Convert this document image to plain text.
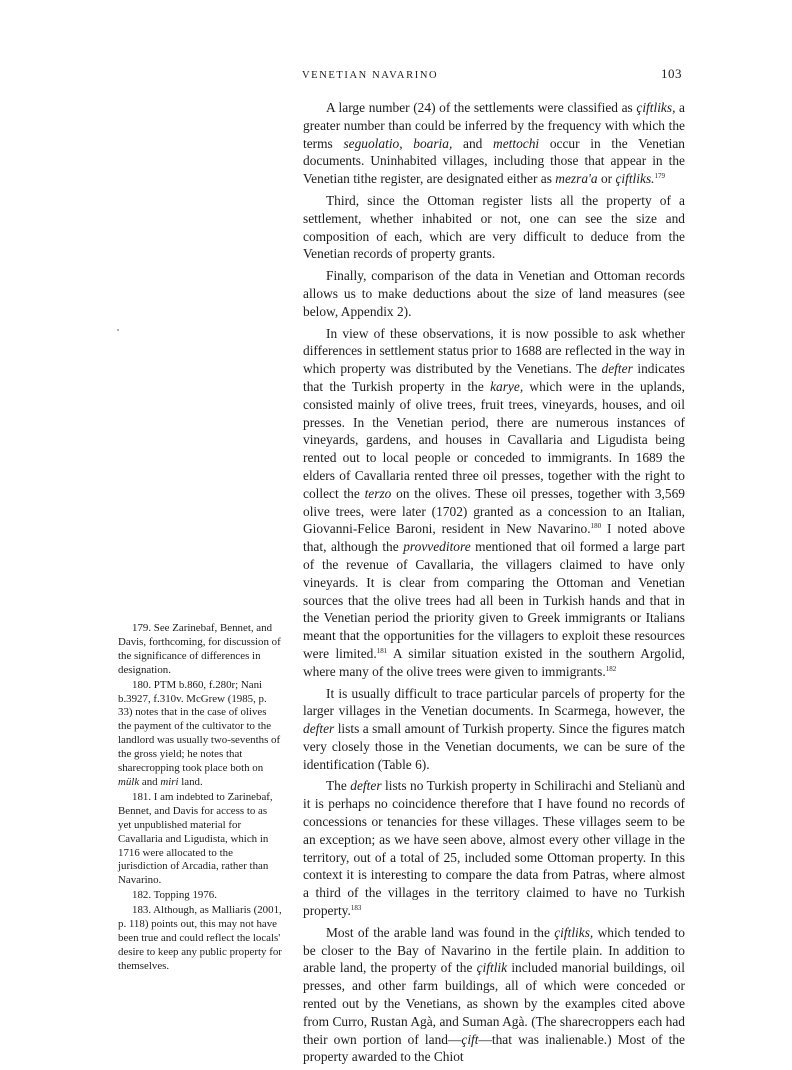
VENETIAN NAVARINO	103

A large number (24) of the settlements were classified as çiftliks, a greater number than could be inferred by the frequency with which the terms seguolatio, boaria, and mettochi occur in the Venetian documents. Uninhabited villages, including those that appear in the Venetian tithe register, are designated either as mezra'a or çiftliks.$^{179}$

Third, since the Ottoman register lists all the property of a settlement, whether inhabited or not, one can see the size and composition of each, which are very difficult to deduce from the Venetian records of property grants.

Finally, comparison of the data in Venetian and Ottoman records allows us to make deductions about the size of land measures (see below, Appendix 2).

In view of these observations, it is now possible to ask whether differences in settlement status prior to 1688 are reflected in the way in which property was distributed by the Venetians. The defter indicates that the Turkish property in the karye, which were in the uplands, consisted mainly of olive trees, fruit trees, vineyards, houses, and oil presses. In the Venetian period, there are numerous instances of vineyards, gardens, and houses in Cavallaria and Ligudista being rented out to local people or conceded to immigrants. In 1689 the elders of Cavallaria rented three oil presses, together with the right to collect the terzo on the olives. These oil presses, together with 3,569 olive trees, were later (1702) granted as a concession to an Italian, Giovanni-Felice Baroni, resident in New Navarino.$^{180}$ I noted above that, although the provveditore mentioned that oil formed a large part of the revenue of Cavallaria, the villagers claimed to have only vineyards. It is clear from comparing the Ottoman and Venetian sources that the olive trees had all been in Turkish hands and that in the Venetian period the priority given to Greek immigrants or Italians meant that the opportunities for the villagers to exploit these resources were limited.$^{181}$ A similar situation existed in the southern Argolid, where many of the olive trees were given to immigrants.$^{182}$

It is usually difficult to trace particular parcels of property for the larger villages in the Venetian documents. In Scarmega, however, the defter lists a small amount of Turkish property. Since the figures match very closely those in the Venetian documents, we can be sure of the identification (Table 6).

The defter lists no Turkish property in Schilirachi and Stelianù and it is perhaps no coincidence therefore that I have found no records of concessions or tenancies for these villages. These villages seem to be an exception; as we have seen above, almost every other village in the territory, out of a total of 25, included some Ottoman property. In this context it is interesting to compare the data from Patras, where almost a third of the villages in the territory claimed to have no Turkish property.$^{183}$

Most of the arable land was found in the çiftliks, which tended to be closer to the Bay of Navarino in the fertile plain. In addition to arable land, the property of the çiftlik included manorial buildings, oil presses, and other farm buildings, all of which were conceded or rented out by the Venetians, as shown by the examples cited above from Curro, Rustan Agà, and Suman Agà. (The sharecroppers each had their own portion of land—çift—that was inalienable.) Most of the property awarded to the Chiot

179. See Zarinebaf, Bennet, and Davis, forthcoming, for discussion of the significance of differences in designation.
180. PTM b.860, f.280r; Nani b.3927, f.310v. McGrew (1985, p. 33) notes that in the case of olives the payment of the cultivator to the landlord was usually two-sevenths of the gross yield; he notes that sharecropping took place both on mülk and miri land.
181. I am indebted to Zarinebaf, Bennet, and Davis for access to as yet unpublished material for Cavallaria and Ligudista, which in 1716 were allocated to the jurisdiction of Arcadia, rather than Navarino.
182. Topping 1976.
183. Although, as Malliaris (2001, p. 118) points out, this may not have been true and could reflect the locals' desire to keep any public property for themselves.
